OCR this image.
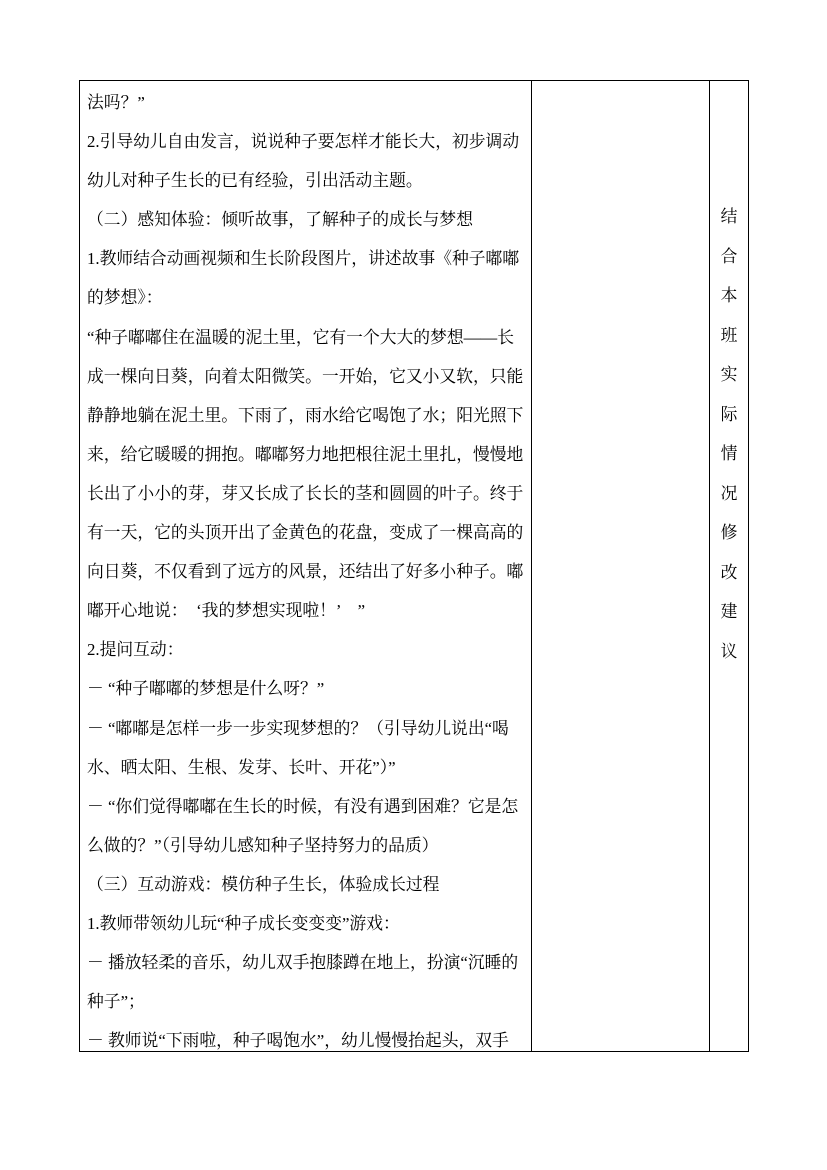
法吗？”
2.引导幼儿自由发言，说说种子要怎样才能长大，初步调动
幼儿对种子生长的已有经验，引出活动主题。
（二）感知体验：倾听故事，了解种子的成长与梦想
1.教师结合动画视频和生长阶段图片，讲述故事《种子嘟嘟
的梦想》：
“种子嘟嘟住在温暖的泥土里，它有一个大大的梦想——长
成一棵向日葵，向着太阳微笑。一开始，它又小又软，只能
静静地躺在泥土里。下雨了，雨水给它喝饱了水；阳光照下
来，给它暖暖的拥抱。嘟嘟努力地把根往泥土里扎，慢慢地
长出了小小的芽，芽又长成了长长的茎和圆圆的叶子。终于
有一天，它的头顶开出了金黄色的花盘，变成了一棵高高的
向日葵，不仅看到了远方的风景，还结出了好多小种子。嘟
嘟开心地说：　‘我的梦想实现啦！’　”
2.提问互动：
－ “种子嘟嘟的梦想是什么呀？”
－ “嘟嘟是怎样一步一步实现梦想的？（引导幼儿说出“喝
水、晒太阳、生根、发芽、长叶、开花”）”
－ “你们觉得嘟嘟在生长的时候，有没有遇到困难？它是怎
么做的？”（引导幼儿感知种子坚持努力的品质）
（三）互动游戏：模仿种子生长，体验成长过程
1.教师带领幼儿玩“种子成长变变变”游戏：
－ 播放轻柔的音乐，幼儿双手抱膝蹲在地上，扮演“沉睡的
种子”；
－ 教师说“下雨啦，种子喝饱水”，幼儿慢慢抬起头，双手
结
合
本
班
实
际
情
况
修
改
建
议
